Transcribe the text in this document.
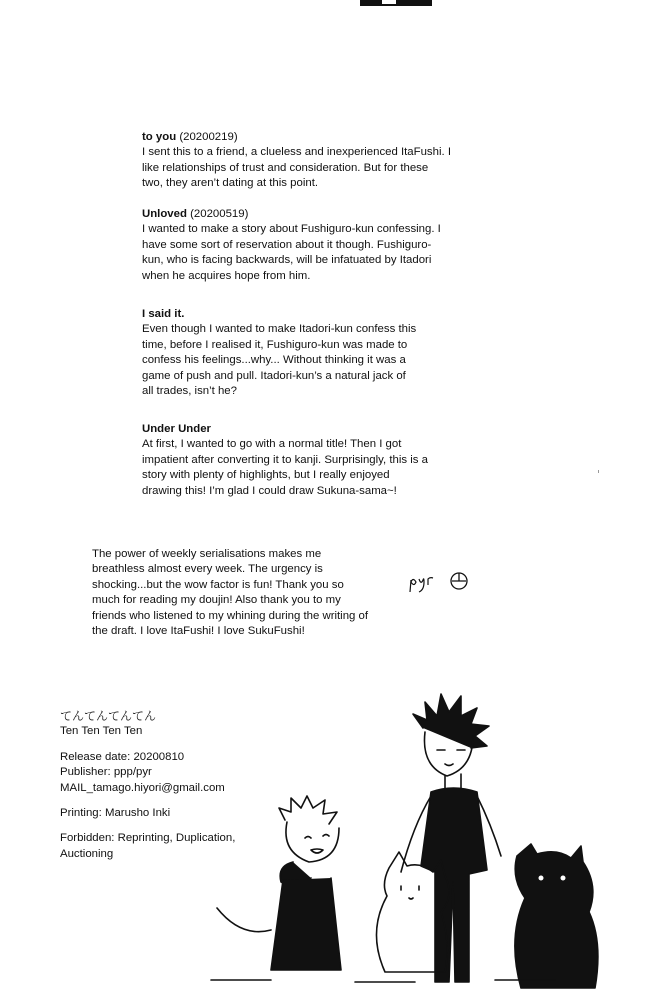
to you (20200219)

I sent this to a friend, a clueless and inexperienced ItaFushi. I like relationships of trust and consideration. But for these two, they aren’t dating at this point.

Unloved (20200519)

I wanted to make a story about Fushiguro-kun confessing. I have some sort of reservation about it though. Fushiguro-kun, who is facing backwards, will be infatuated by Itadori when he acquires hope from him.

I said it.

Even though I wanted to make Itadori-kun confess this time, before I realised it, Fushiguro-kun was made to confess his feelings...why... Without thinking it was a game of push and pull. Itadori-kun’s a natural jack of all trades, isn’t he?

Under Under

At first, I wanted to go with a normal title! Then I got impatient after converting it to kanji. Surprisingly, this is a story with plenty of highlights, but I really enjoyed drawing this! I’m glad I could draw Sukuna-sama~!

The power of weekly serialisations makes me breathless almost every week. The urgency is shocking...but the wow factor is fun! Thank you so much for reading my doujin! Also thank you to my friends who listened to my whining during the writing of the draft. I love ItaFushi! I love SukuFushi!

てんてんてんてん

Ten Ten Ten Ten

Release date: 20200810

Publisher: ppp/pyr

MAIL_tamago.hiyori@gmail.com

Printing: Marusho Inki

Forbidden: Reprinting, Duplication, Auctioning
